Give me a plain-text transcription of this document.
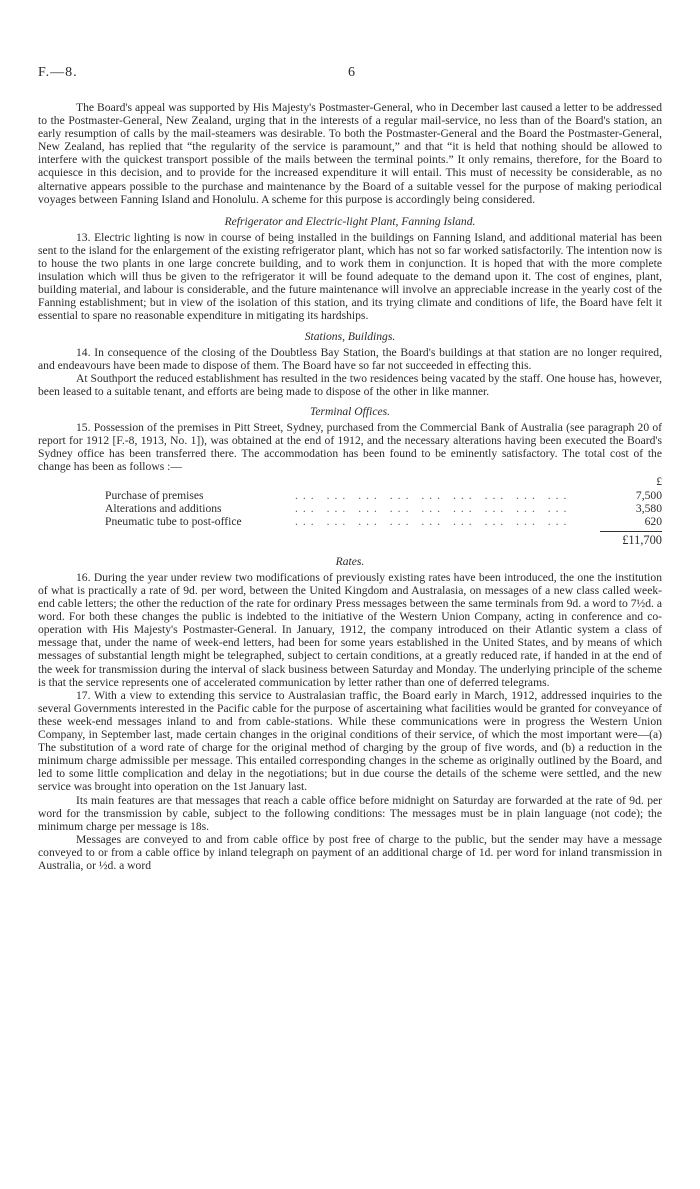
F.—8.	6

The Board's appeal was supported by His Majesty's Postmaster-General, who in December last caused a letter to be addressed to the Postmaster-General, New Zealand, urging that in the interests of a regular mail-service, no less than of the Board's station, an early resumption of calls by the mail-steamers was desirable. To both the Postmaster-General and the Board the Postmaster-General, New Zealand, has replied that “the regularity of the service is paramount,” and that “it is held that nothing should be allowed to interfere with the quickest transport possible of the mails between the terminal points.” It only remains, therefore, for the Board to acquiesce in this decision, and to provide for the increased expenditure it will entail. This must of necessity be considerable, as no alternative appears possible to the purchase and maintenance by the Board of a suitable vessel for the purpose of making periodical voyages between Fanning Island and Honolulu. A scheme for this purpose is accordingly being considered.

Refrigerator and Electric-light Plant, Fanning Island.

13. Electric lighting is now in course of being installed in the buildings on Fanning Island, and additional material has been sent to the island for the enlargement of the existing refrigerator plant, which has not so far worked satisfactorily. The intention now is to house the two plants in one large concrete building, and to work them in conjunction. It is hoped that with the more complete insulation which will thus be given to the refrigerator it will be found adequate to the demand upon it. The cost of engines, plant, building material, and labour is considerable, and the future maintenance will involve an appreciable increase in the yearly cost of the Fanning establishment; but in view of the isolation of this station, and its trying climate and conditions of life, the Board have felt it essential to spare no reasonable expenditure in mitigating its hardships.

Stations, Buildings.

14. In consequence of the closing of the Doubtless Bay Station, the Board's buildings at that station are no longer required, and endeavours have been made to dispose of them. The Board have so far not succeeded in effecting this.

At Southport the reduced establishment has resulted in the two residences being vacated by the staff. One house has, however, been leased to a suitable tenant, and efforts are being made to dispose of the other in like manner.

Terminal Offices.

15. Possession of the premises in Pitt Street, Sydney, purchased from the Commercial Bank of Australia (see paragraph 20 of report for 1912 [F.-8, 1913, No. 1]), was obtained at the end of 1912, and the necessary alterations having been executed the Board's Sydney office has been transferred there. The accommodation has been found to be eminently satisfactory. The total cost of the change has been as follows :—

£
Purchase of premises	... ... ... ... ... ... ... ... ...	7,500
Alterations and additions	... ... ... ... ... ... ... ... ...	3,580
Pneumatic tube to post-office	... ... ... ... ... ... ... ... ...	620
£11,700
Rates.

16. During the year under review two modifications of previously existing rates have been introduced, the one the institution of what is practically a rate of 9d. per word, between the United Kingdom and Australasia, on messages of a new class called week-end cable letters; the other the reduction of the rate for ordinary Press messages between the same terminals from 9d. a word to 7½d. a word. For both these changes the public is indebted to the initiative of the Western Union Company, acting in conference and co-operation with His Majesty's Postmaster-General. In January, 1912, the company introduced on their Atlantic system a class of message that, under the name of week-end letters, had been for some years established in the United States, and by means of which messages of substantial length might be telegraphed, subject to certain conditions, at a greatly reduced rate, if handed in at the end of the week for transmission during the interval of slack business between Saturday and Monday. The underlying principle of the scheme is that the service represents one of accelerated communication by letter rather than one of deferred telegrams.

17. With a view to extending this service to Australasian traffic, the Board early in March, 1912, addressed inquiries to the several Governments interested in the Pacific cable for the purpose of ascertaining what facilities would be granted for conveyance of these week-end messages inland to and from cable-stations. While these communications were in progress the Western Union Company, in September last, made certain changes in the original conditions of their service, of which the most important were—(a) The substitution of a word rate of charge for the original method of charging by the group of five words, and (b) a reduction in the minimum charge admissible per message. This entailed corresponding changes in the scheme as originally outlined by the Board, and led to some little complication and delay in the negotiations; but in due course the details of the scheme were settled, and the new service was brought into operation on the 1st January last.

Its main features are that messages that reach a cable office before midnight on Saturday are forwarded at the rate of 9d. per word for the transmission by cable, subject to the following conditions: The messages must be in plain language (not code); the minimum charge per message is 18s.

Messages are conveyed to and from cable office by post free of charge to the public, but the sender may have a message conveyed to or from a cable office by inland telegraph on payment of an additional charge of 1d. per word for inland transmission in Australia, or ½d. a word
